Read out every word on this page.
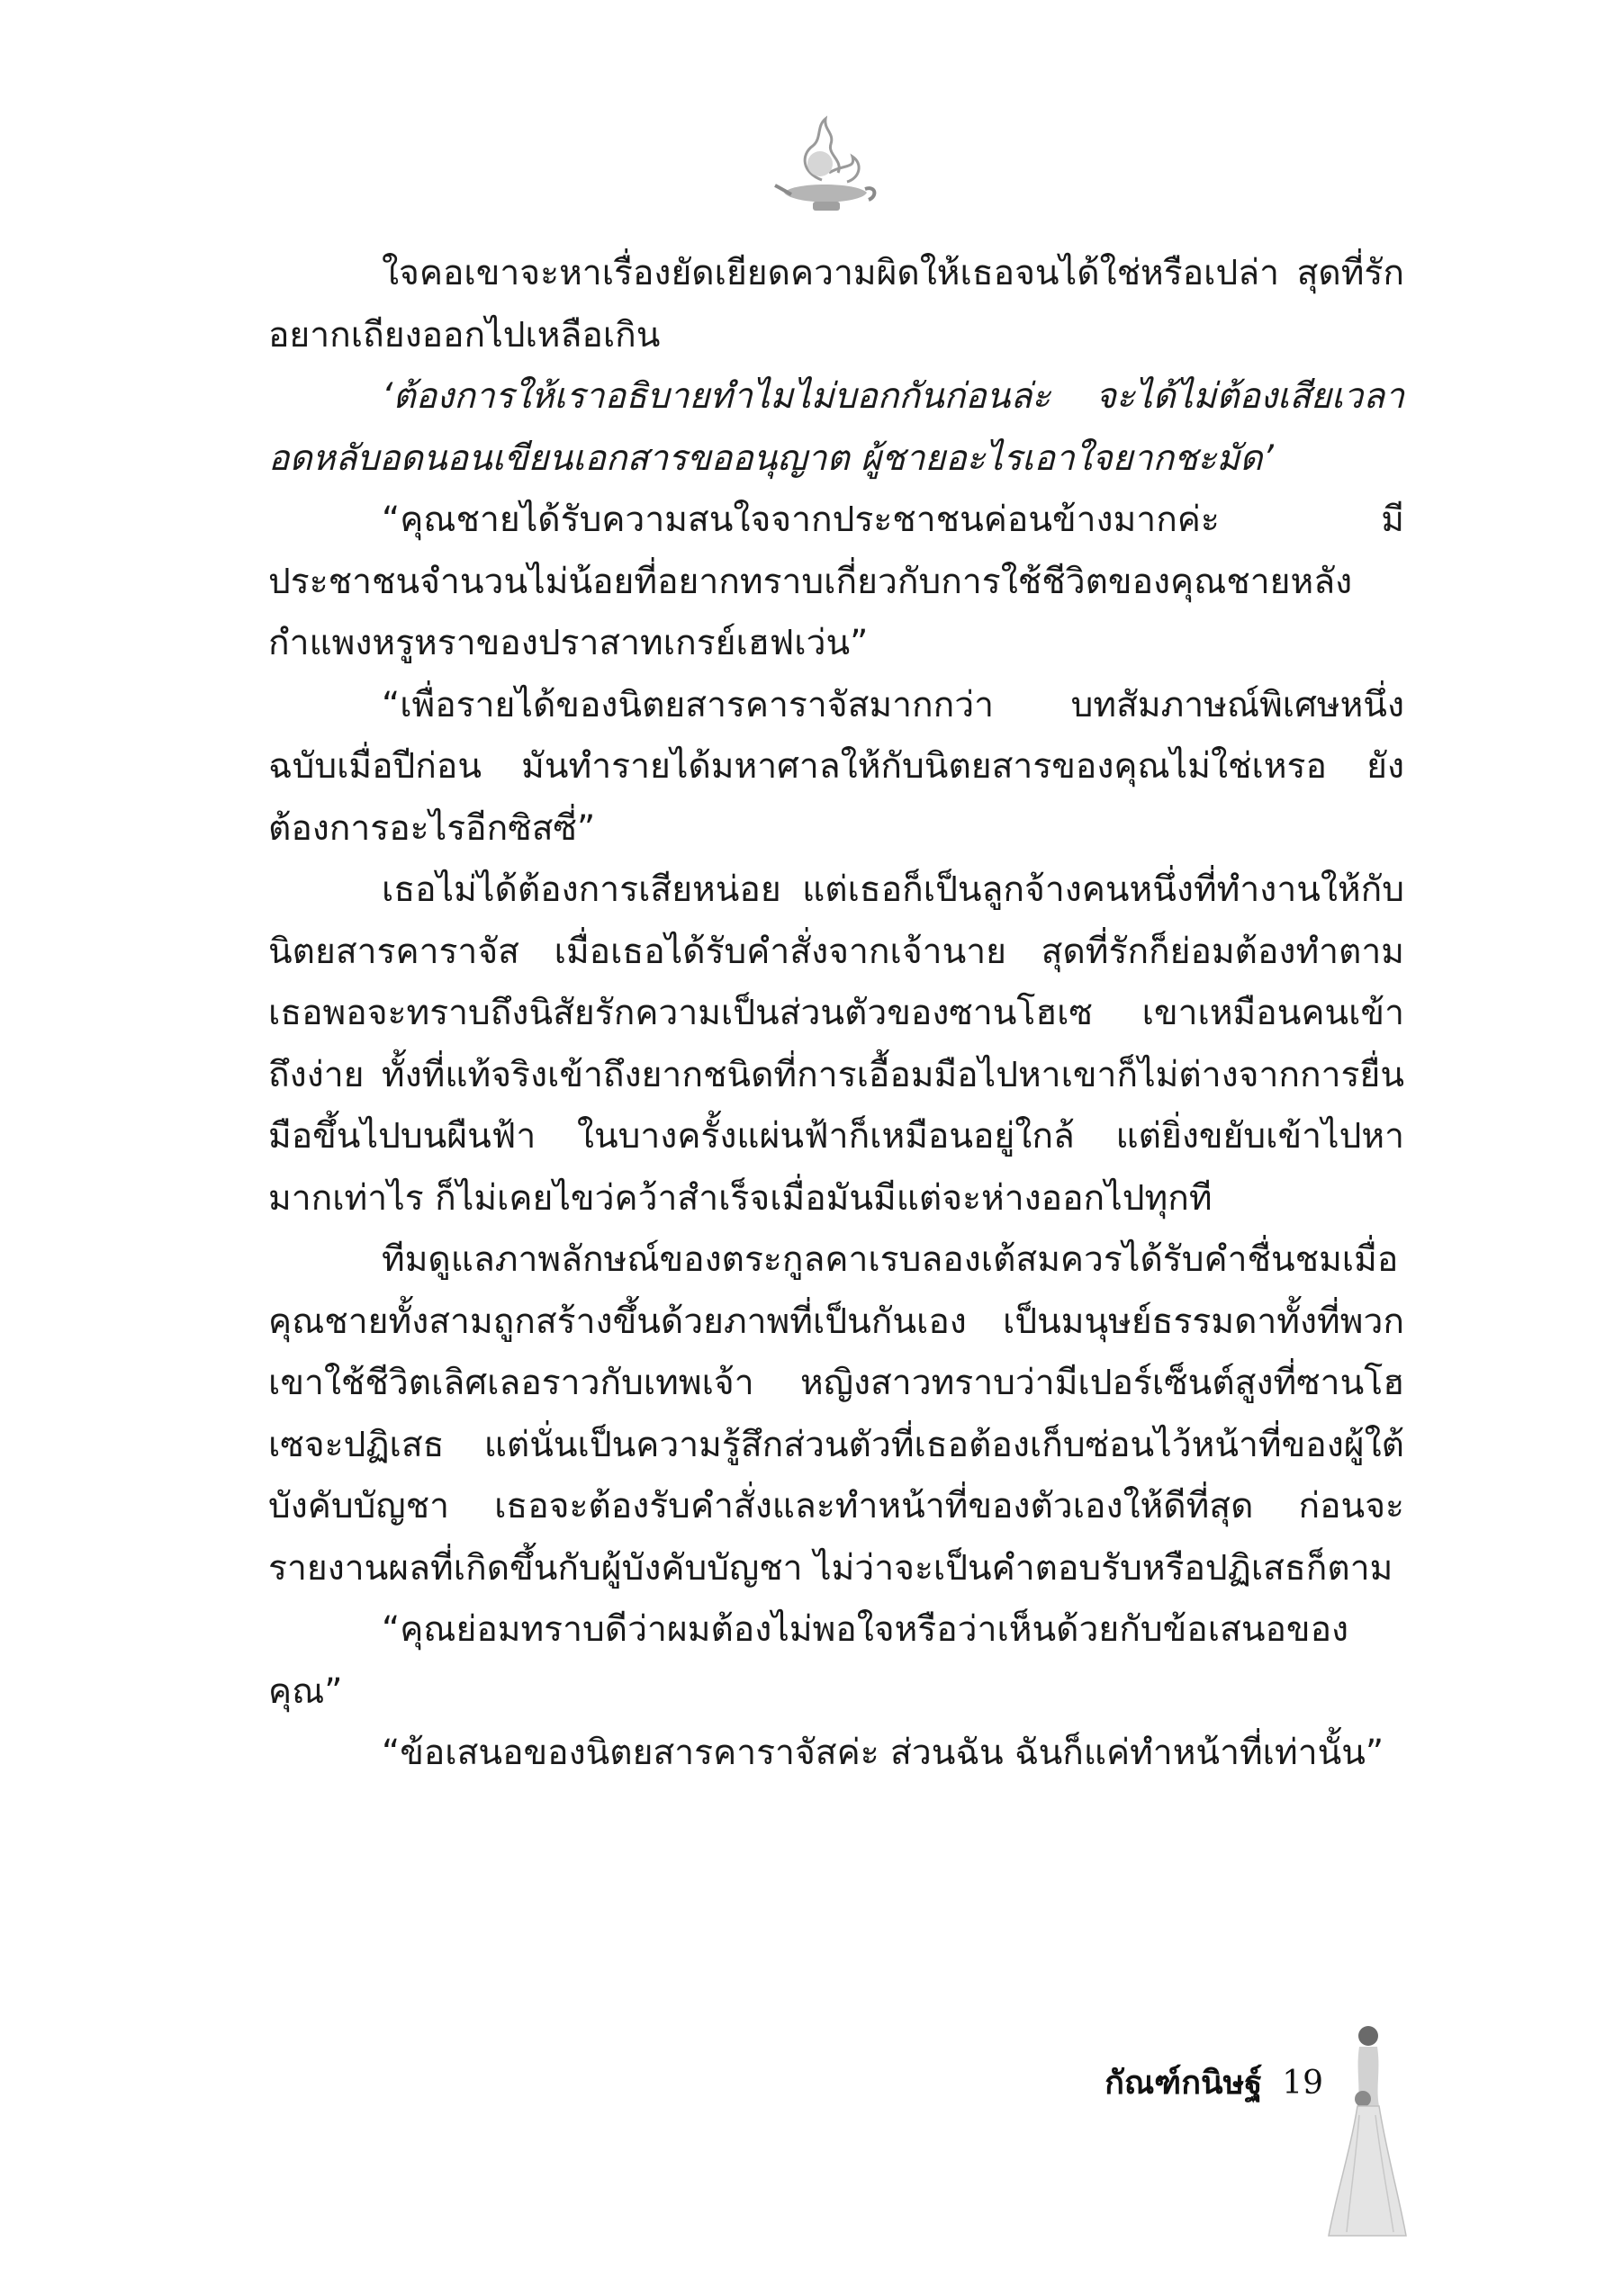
ใจคอเขาจะหาเรื่องยัดเยียดความผิดให้เธอจนได้ใช่หรือเปล่า สุดที่รักอยากเถียงออกไปเหลือเกิน

‘ต้องการให้เราอธิบายทำไมไม่บอกกันก่อนล่ะ จะได้ไม่ต้องเสียเวลาอดหลับอดนอนเขียนเอกสารขออนุญาต ผู้ชายอะไรเอาใจยากชะมัด’

“คุณชายได้รับความสนใจจากประชาชนค่อนข้างมากค่ะ มีประชาชนจำนวนไม่น้อยที่อยากทราบเกี่ยวกับการใช้ชีวิตของคุณชายหลังกำแพงหรูหราของปราสาทเกรย์เฮฟเว่น”

“เพื่อรายได้ของนิตยสารคาราจัสมากกว่า บทสัมภาษณ์พิเศษหนึ่งฉบับเมื่อปีก่อน มันทำรายได้มหาศาลให้กับนิตยสารของคุณไม่ใช่เหรอ ยังต้องการอะไรอีกซิสซี่”

เธอไม่ได้ต้องการเสียหน่อย แต่เธอก็เป็นลูกจ้างคนหนึ่งที่ทำงานให้กับนิตยสารคาราจัส เมื่อเธอได้รับคำสั่งจากเจ้านาย สุดที่รักก็ย่อมต้องทำตาม เธอพอจะทราบถึงนิสัยรักความเป็นส่วนตัวของซานโฮเซ เขาเหมือนคนเข้าถึงง่าย ทั้งที่แท้จริงเข้าถึงยากชนิดที่การเอื้อมมือไปหาเขาก็ไม่ต่างจากการยื่นมือขึ้นไปบนผืนฟ้า ในบางครั้งแผ่นฟ้าก็เหมือนอยู่ใกล้ แต่ยิ่งขยับเข้าไปหามากเท่าไร ก็ไม่เคยไขว่คว้าสำเร็จเมื่อมันมีแต่จะห่างออกไปทุกที

ทีมดูแลภาพลักษณ์ของตระกูลคาเรบลองเต้สมควรได้รับคำชื่นชมเมื่อคุณชายทั้งสามถูกสร้างขึ้นด้วยภาพที่เป็นกันเอง เป็นมนุษย์ธรรมดาทั้งที่พวกเขาใช้ชีวิตเลิศเลอราวกับเทพเจ้า หญิงสาวทราบว่ามีเปอร์เซ็นต์สูงที่ซานโฮเซจะปฏิเสธ แต่นั่นเป็นความรู้สึกส่วนตัวที่เธอต้องเก็บซ่อนไว้หน้าที่ของผู้ใต้บังคับบัญชา เธอจะต้องรับคำสั่งและทำหน้าที่ของตัวเองให้ดีที่สุด ก่อนจะรายงานผลที่เกิดขึ้นกับผู้บังคับบัญชา ไม่ว่าจะเป็นคำตอบรับหรือปฏิเสธก็ตาม

“คุณย่อมทราบดีว่าผมต้องไม่พอใจหรือว่าเห็นด้วยกับข้อเสนอของคุณ”

“ข้อเสนอของนิตยสารคาราจัสค่ะ ส่วนฉัน ฉันก็แค่ทำหน้าที่เท่านั้น”

กัณฑ์กนิษฐ์ 19
